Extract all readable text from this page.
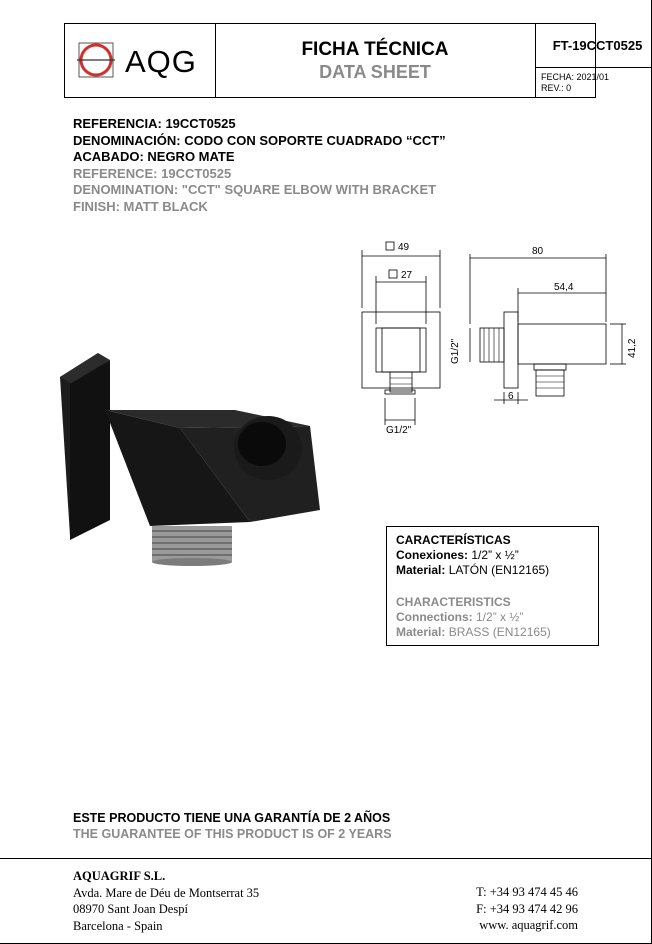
AQG	FICHA TÉCNICA
DATA SHEET
FT-19CCT0525
FECHA: 2021/01
REV.: 0
REFERENCIA: 19CCT0525
DENOMINACIÓN: CODO CON SOPORTE CUADRADO “CCT”
ACABADO: NEGRO MATE
REFERENCE: 19CCT0525
DENOMINATION: "CCT" SQUARE ELBOW WITH BRACKET
FINISH: MATT BLACK
49
27
G1/2"
80
54,4
41,2
G1/2"
6
CARACTERÍSTICAS
Conexiones: 1/2” x ½”
Material: LATÓN (EN12165)
CHARACTERISTICS
Connections: 1/2” x ½”
Material: BRASS (EN12165)
ESTE PRODUCTO TIENE UNA GARANTÍA DE 2 AÑOS
THE GUARANTEE OF THIS PRODUCT IS OF 2 YEARS
AQUAGRIF S.L.
Avda. Mare de Déu de Montserrat 35
08970 Sant Joan Despí
Barcelona - Spain
T: +34 93 474 45 46
F: +34 93 474 42 96
www. aquagrif.com
